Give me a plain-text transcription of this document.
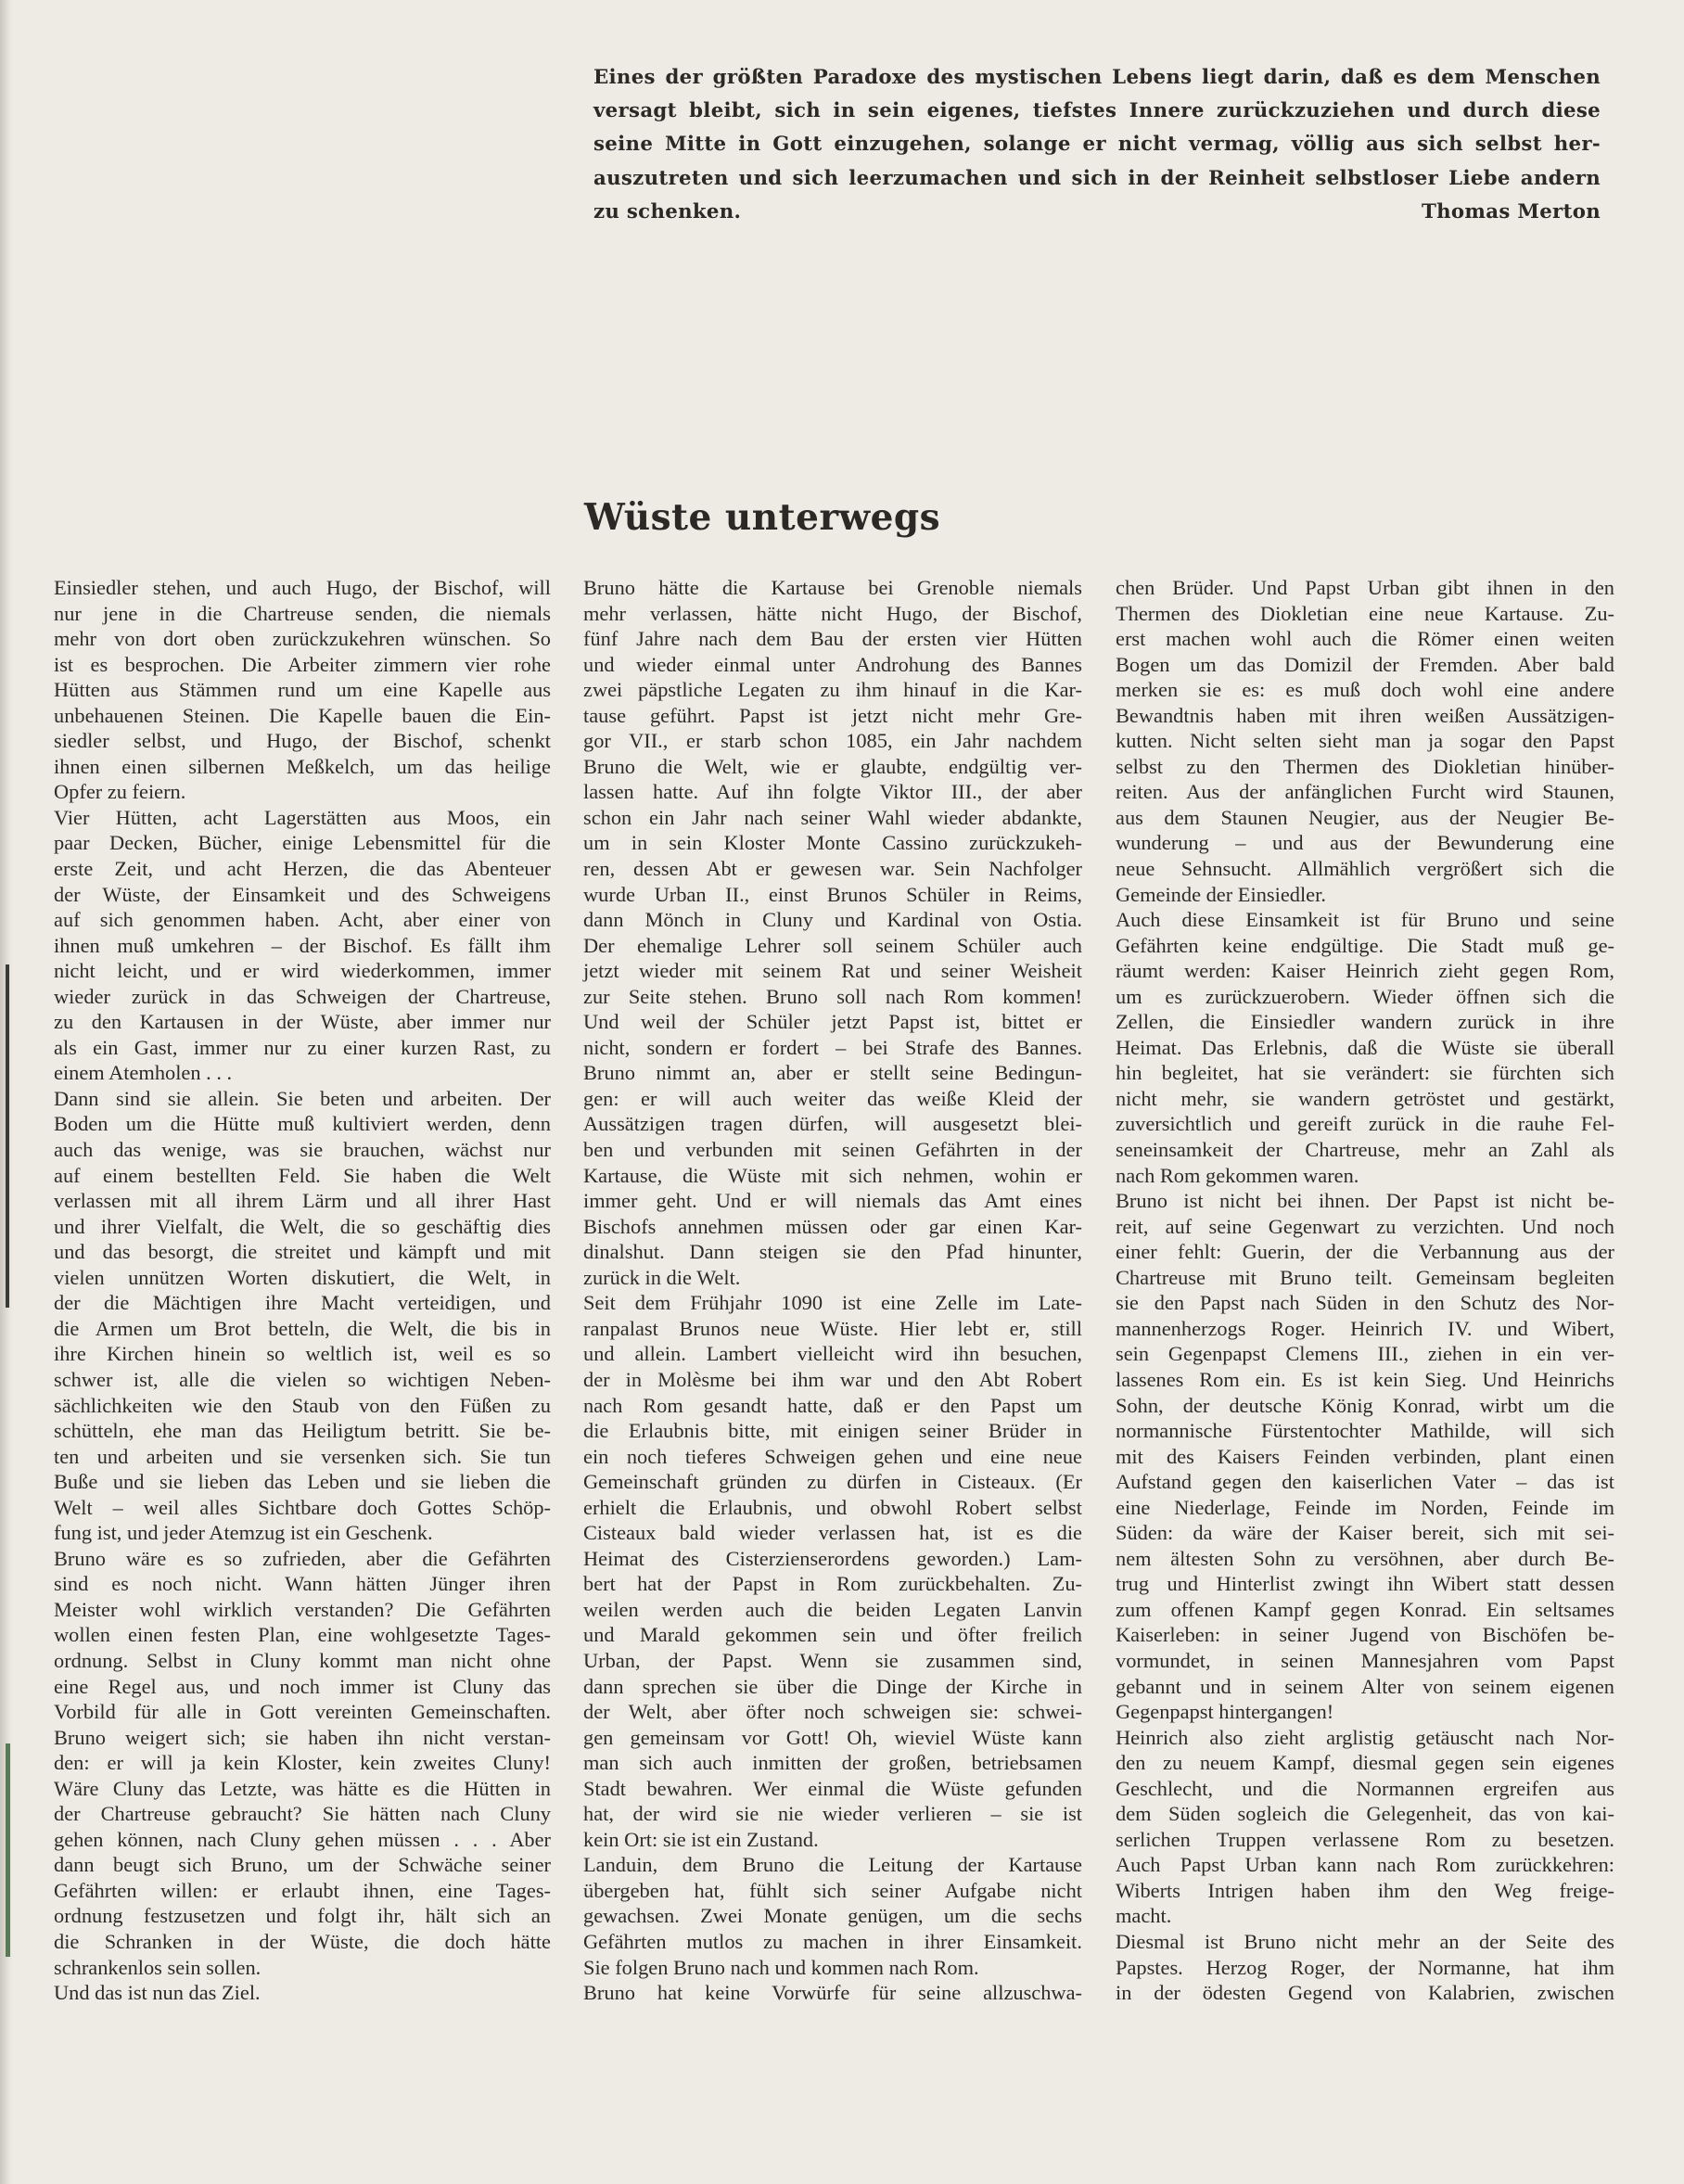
Eines der größten Paradoxe des mystischen Lebens liegt darin, daß es dem Menschen
versagt bleibt, sich in sein eigenes, tiefstes Innere zurückzuziehen und durch diese
seine Mitte in Gott einzugehen, solange er nicht vermag, völlig aus sich selbst her-
auszutreten und sich leerzumachen und sich in der Reinheit selbstloser Liebe andern
zu schenken.	Thomas Merton
Wüste unterwegs
Einsiedler stehen, und auch Hugo, der Bischof, will
nur jene in die Chartreuse senden, die niemals
mehr von dort oben zurückzukehren wünschen. So
ist es besprochen. Die Arbeiter zimmern vier rohe
Hütten aus Stämmen rund um eine Kapelle aus
unbehauenen Steinen. Die Kapelle bauen die Ein-
siedler selbst, und Hugo, der Bischof, schenkt
ihnen einen silbernen Meßkelch, um das heilige
Opfer zu feiern.
Vier Hütten, acht Lagerstätten aus Moos, ein
paar Decken, Bücher, einige Lebensmittel für die
erste Zeit, und acht Herzen, die das Abenteuer
der Wüste, der Einsamkeit und des Schweigens
auf sich genommen haben. Acht, aber einer von
ihnen muß umkehren – der Bischof. Es fällt ihm
nicht leicht, und er wird wiederkommen, immer
wieder zurück in das Schweigen der Chartreuse,
zu den Kartausen in der Wüste, aber immer nur
als ein Gast, immer nur zu einer kurzen Rast, zu
einem Atemholen . . .
Dann sind sie allein. Sie beten und arbeiten. Der
Boden um die Hütte muß kultiviert werden, denn
auch das wenige, was sie brauchen, wächst nur
auf einem bestellten Feld. Sie haben die Welt
verlassen mit all ihrem Lärm und all ihrer Hast
und ihrer Vielfalt, die Welt, die so geschäftig dies
und das besorgt, die streitet und kämpft und mit
vielen unnützen Worten diskutiert, die Welt, in
der die Mächtigen ihre Macht verteidigen, und
die Armen um Brot betteln, die Welt, die bis in
ihre Kirchen hinein so weltlich ist, weil es so
schwer ist, alle die vielen so wichtigen Neben-
sächlichkeiten wie den Staub von den Füßen zu
schütteln, ehe man das Heiligtum betritt. Sie be-
ten und arbeiten und sie versenken sich. Sie tun
Buße und sie lieben das Leben und sie lieben die
Welt – weil alles Sichtbare doch Gottes Schöp-
fung ist, und jeder Atemzug ist ein Geschenk.
Bruno wäre es so zufrieden, aber die Gefährten
sind es noch nicht. Wann hätten Jünger ihren
Meister wohl wirklich verstanden? Die Gefährten
wollen einen festen Plan, eine wohlgesetzte Tages-
ordnung. Selbst in Cluny kommt man nicht ohne
eine Regel aus, und noch immer ist Cluny das
Vorbild für alle in Gott vereinten Gemeinschaften.
Bruno weigert sich; sie haben ihn nicht verstan-
den: er will ja kein Kloster, kein zweites Cluny!
Wäre Cluny das Letzte, was hätte es die Hütten in
der Chartreuse gebraucht? Sie hätten nach Cluny
gehen können, nach Cluny gehen müssen . . . Aber
dann beugt sich Bruno, um der Schwäche seiner
Gefährten willen: er erlaubt ihnen, eine Tages-
ordnung festzusetzen und folgt ihr, hält sich an
die Schranken in der Wüste, die doch hätte
schrankenlos sein sollen.
Und das ist nun das Ziel.
Bruno hätte die Kartause bei Grenoble niemals
mehr verlassen, hätte nicht Hugo, der Bischof,
fünf Jahre nach dem Bau der ersten vier Hütten
und wieder einmal unter Androhung des Bannes
zwei päpstliche Legaten zu ihm hinauf in die Kar-
tause geführt. Papst ist jetzt nicht mehr Gre-
gor VII., er starb schon 1085, ein Jahr nachdem
Bruno die Welt, wie er glaubte, endgültig ver-
lassen hatte. Auf ihn folgte Viktor III., der aber
schon ein Jahr nach seiner Wahl wieder abdankte,
um in sein Kloster Monte Cassino zurückzukeh-
ren, dessen Abt er gewesen war. Sein Nachfolger
wurde Urban II., einst Brunos Schüler in Reims,
dann Mönch in Cluny und Kardinal von Ostia.
Der ehemalige Lehrer soll seinem Schüler auch
jetzt wieder mit seinem Rat und seiner Weisheit
zur Seite stehen. Bruno soll nach Rom kommen!
Und weil der Schüler jetzt Papst ist, bittet er
nicht, sondern er fordert – bei Strafe des Bannes.
Bruno nimmt an, aber er stellt seine Bedingun-
gen: er will auch weiter das weiße Kleid der
Aussätzigen tragen dürfen, will ausgesetzt blei-
ben und verbunden mit seinen Gefährten in der
Kartause, die Wüste mit sich nehmen, wohin er
immer geht. Und er will niemals das Amt eines
Bischofs annehmen müssen oder gar einen Kar-
dinalshut. Dann steigen sie den Pfad hinunter,
zurück in die Welt.
Seit dem Frühjahr 1090 ist eine Zelle im Late-
ranpalast Brunos neue Wüste. Hier lebt er, still
und allein. Lambert vielleicht wird ihn besuchen,
der in Molèsme bei ihm war und den Abt Robert
nach Rom gesandt hatte, daß er den Papst um
die Erlaubnis bitte, mit einigen seiner Brüder in
ein noch tieferes Schweigen gehen und eine neue
Gemeinschaft gründen zu dürfen in Cisteaux. (Er
erhielt die Erlaubnis, und obwohl Robert selbst
Cisteaux bald wieder verlassen hat, ist es die
Heimat des Cisterzienserordens geworden.) Lam-
bert hat der Papst in Rom zurückbehalten. Zu-
weilen werden auch die beiden Legaten Lanvin
und Marald gekommen sein und öfter freilich
Urban, der Papst. Wenn sie zusammen sind,
dann sprechen sie über die Dinge der Kirche in
der Welt, aber öfter noch schweigen sie: schwei-
gen gemeinsam vor Gott! Oh, wieviel Wüste kann
man sich auch inmitten der großen, betriebsamen
Stadt bewahren. Wer einmal die Wüste gefunden
hat, der wird sie nie wieder verlieren – sie ist
kein Ort: sie ist ein Zustand.
Landuin, dem Bruno die Leitung der Kartause
übergeben hat, fühlt sich seiner Aufgabe nicht
gewachsen. Zwei Monate genügen, um die sechs
Gefährten mutlos zu machen in ihrer Einsamkeit.
Sie folgen Bruno nach und kommen nach Rom.
Bruno hat keine Vorwürfe für seine allzuschwa-
chen Brüder. Und Papst Urban gibt ihnen in den
Thermen des Diokletian eine neue Kartause. Zu-
erst machen wohl auch die Römer einen weiten
Bogen um das Domizil der Fremden. Aber bald
merken sie es: es muß doch wohl eine andere
Bewandtnis haben mit ihren weißen Aussätzigen-
kutten. Nicht selten sieht man ja sogar den Papst
selbst zu den Thermen des Diokletian hinüber-
reiten. Aus der anfänglichen Furcht wird Staunen,
aus dem Staunen Neugier, aus der Neugier Be-
wunderung – und aus der Bewunderung eine
neue Sehnsucht. Allmählich vergrößert sich die
Gemeinde der Einsiedler.
Auch diese Einsamkeit ist für Bruno und seine
Gefährten keine endgültige. Die Stadt muß ge-
räumt werden: Kaiser Heinrich zieht gegen Rom,
um es zurückzuerobern. Wieder öffnen sich die
Zellen, die Einsiedler wandern zurück in ihre
Heimat. Das Erlebnis, daß die Wüste sie überall
hin begleitet, hat sie verändert: sie fürchten sich
nicht mehr, sie wandern getröstet und gestärkt,
zuversichtlich und gereift zurück in die rauhe Fel-
seneinsamkeit der Chartreuse, mehr an Zahl als
nach Rom gekommen waren.
Bruno ist nicht bei ihnen. Der Papst ist nicht be-
reit, auf seine Gegenwart zu verzichten. Und noch
einer fehlt: Guerin, der die Verbannung aus der
Chartreuse mit Bruno teilt. Gemeinsam begleiten
sie den Papst nach Süden in den Schutz des Nor-
mannenherzogs Roger. Heinrich IV. und Wibert,
sein Gegenpapst Clemens III., ziehen in ein ver-
lassenes Rom ein. Es ist kein Sieg. Und Heinrichs
Sohn, der deutsche König Konrad, wirbt um die
normannische Fürstentochter Mathilde, will sich
mit des Kaisers Feinden verbinden, plant einen
Aufstand gegen den kaiserlichen Vater – das ist
eine Niederlage, Feinde im Norden, Feinde im
Süden: da wäre der Kaiser bereit, sich mit sei-
nem ältesten Sohn zu versöhnen, aber durch Be-
trug und Hinterlist zwingt ihn Wibert statt dessen
zum offenen Kampf gegen Konrad. Ein seltsames
Kaiserleben: in seiner Jugend von Bischöfen be-
vormundet, in seinen Mannesjahren vom Papst
gebannt und in seinem Alter von seinem eigenen
Gegenpapst hintergangen!
Heinrich also zieht arglistig getäuscht nach Nor-
den zu neuem Kampf, diesmal gegen sein eigenes
Geschlecht, und die Normannen ergreifen aus
dem Süden sogleich die Gelegenheit, das von kai-
serlichen Truppen verlassene Rom zu besetzen.
Auch Papst Urban kann nach Rom zurückkehren:
Wiberts Intrigen haben ihm den Weg freige-
macht.
Diesmal ist Bruno nicht mehr an der Seite des
Papstes. Herzog Roger, der Normanne, hat ihm
in der ödesten Gegend von Kalabrien, zwischen
